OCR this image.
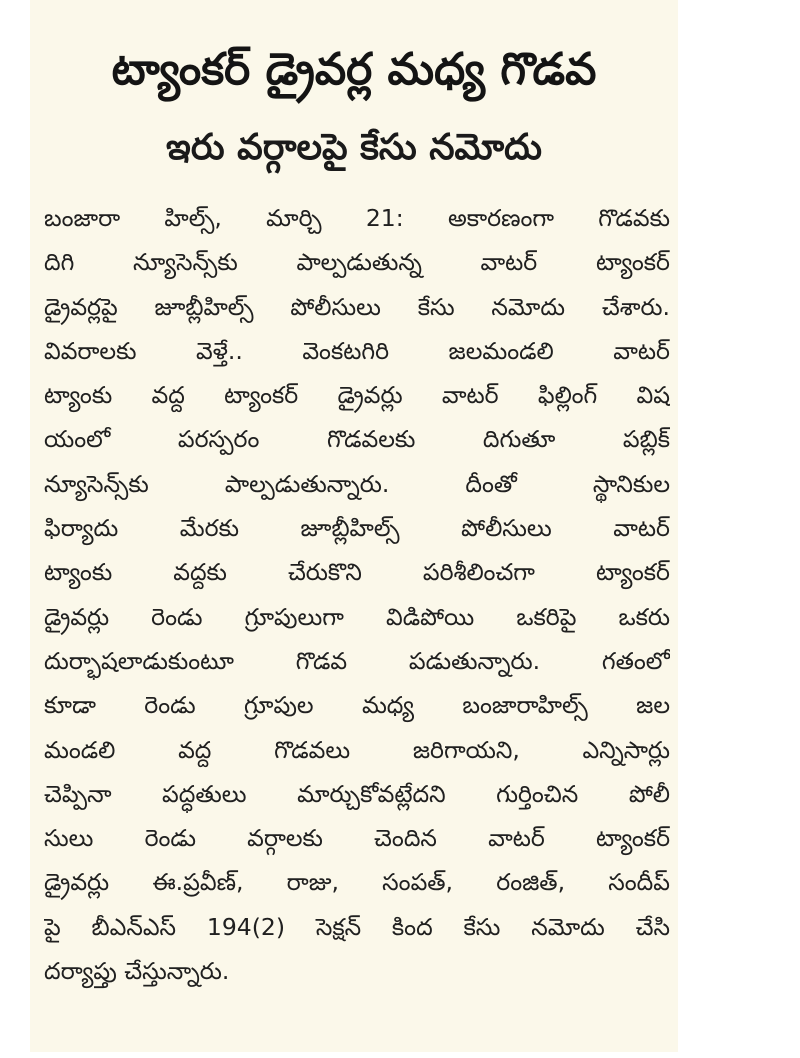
ట్యాంకర్ డ్రైవర్ల మధ్య గొడవ
ఇరు వర్గాలపై కేసు నమోదు
బంజారా హిల్స్, మార్చి 21: అకారణంగా గొడవకు
దిగి న్యూసెన్స్‌కు పాల్పడుతున్న వాటర్ ట్యాంకర్
డ్రైవర్లపై జూబ్లీహిల్స్ పోలీసులు కేసు నమోదు చేశారు.
వివరాలకు వెళ్తే.. వెంకటగిరి జలమండలి వాటర్
ట్యాంకు వద్ద ట్యాంకర్ డ్రైవర్లు వాటర్ ఫిల్లింగ్ విష
యంలో పరస్పరం గొడవలకు దిగుతూ పబ్లిక్
న్యూసెన్స్‌కు పాల్పడుతున్నారు. దీంతో స్థానికుల
ఫిర్యాదు మేరకు జూబ్లీహిల్స్ పోలీసులు వాటర్
ట్యాంకు వద్దకు చేరుకొని పరిశీలించగా ట్యాంకర్
డ్రైవర్లు రెండు గ్రూపులుగా విడిపోయి ఒకరిపై ఒకరు
దుర్భాషలాడుకుంటూ గొడవ పడుతున్నారు. గతంలో
కూడా రెండు గ్రూపుల మధ్య బంజారాహిల్స్ జల
మండలి వద్ద గొడవలు జరిగాయని, ఎన్నిసార్లు
చెప్పినా పద్ధతులు మార్చుకోవట్లేదని గుర్తించిన పోలీ
సులు రెండు వర్గాలకు చెందిన వాటర్ ట్యాంకర్
డ్రైవర్లు ఈ.ప్రవీణ్, రాజు, సంపత్, రంజిత్, సందీప్
పై బీఎన్ఎస్ 194(2) సెక్షన్ కింద కేసు నమోదు చేసి
దర్యాప్తు చేస్తున్నారు.
